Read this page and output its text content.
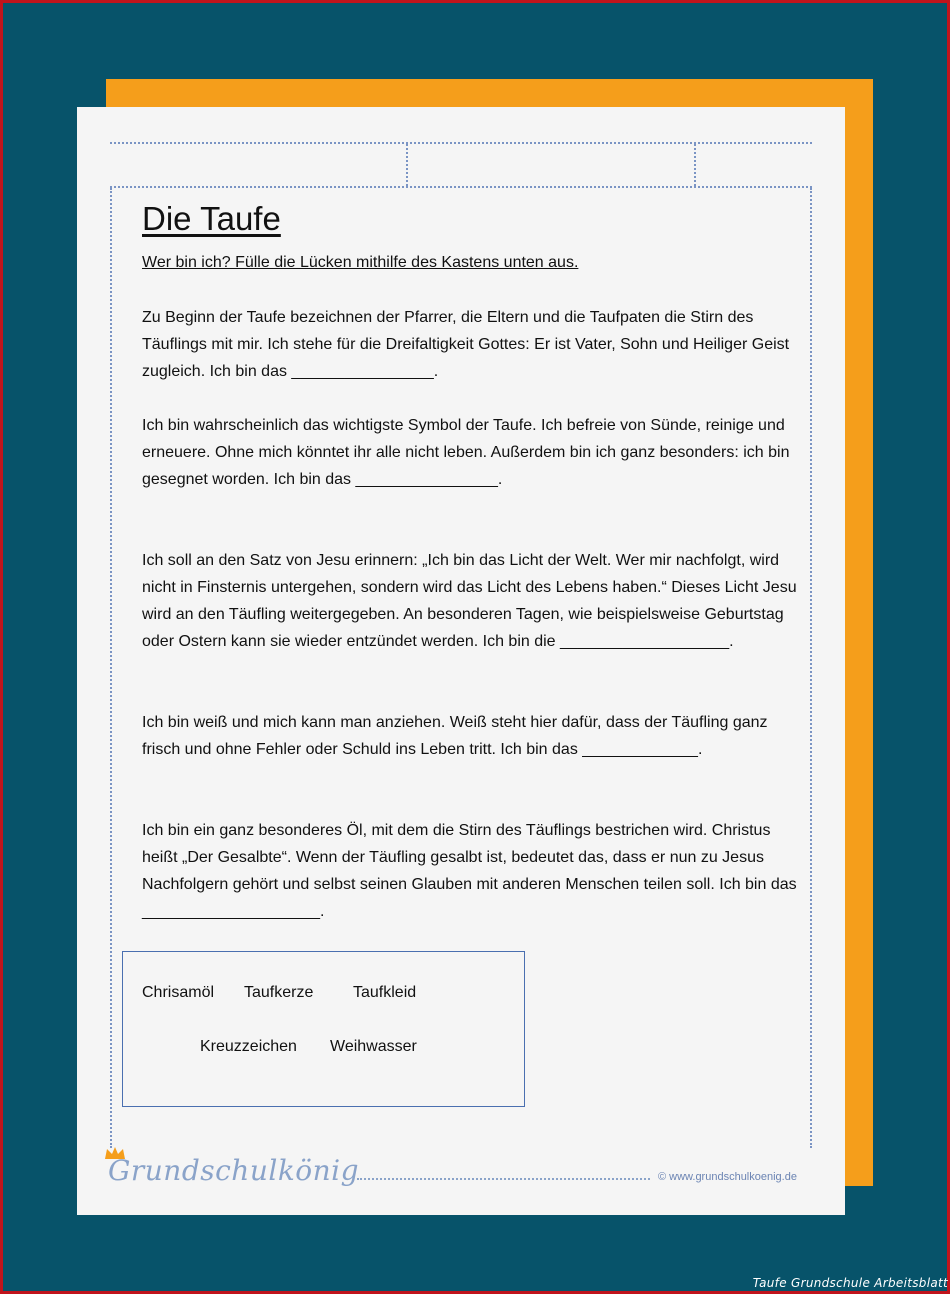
Die Taufe
Wer bin ich? Fülle die Lücken mithilfe des Kastens unten aus.

Zu Beginn der Taufe bezeichnen der Pfarrer, die Eltern und die Taufpaten die Stirn des Täuflings mit mir. Ich stehe für die Dreifaltigkeit Gottes: Er ist Vater, Sohn und Heiliger Geist zugleich. Ich bin das ________________.

Ich bin wahrscheinlich das wichtigste Symbol der Taufe. Ich befreie von Sünde, reinige und erneuere. Ohne mich könntet ihr alle nicht leben. Außerdem bin ich ganz besonders: ich bin gesegnet worden. Ich bin das ________________.

Ich soll an den Satz von Jesu erinnern: „Ich bin das Licht der Welt. Wer mir nachfolgt, wird nicht in Finsternis untergehen, sondern wird das Licht des Lebens haben.“ Dieses Licht Jesu wird an den Täufling weitergegeben. An besonderen Tagen, wie beispielsweise Geburtstag oder Ostern kann sie wieder entzündet werden. Ich bin die ___________________.

Ich bin weiß und mich kann man anziehen. Weiß steht hier dafür, dass der Täufling ganz frisch und ohne Fehler oder Schuld ins Leben tritt. Ich bin das _____________.

Ich bin ein ganz besonderes Öl, mit dem die Stirn des Täuflings bestrichen wird. Christus heißt „Der Gesalbte“. Wenn der Täufling gesalbt ist, bedeutet das, dass er nun zu Jesus Nachfolgern gehört und selbst seinen Glauben mit anderen Menschen teilen soll. Ich bin das ____________________.

Chrisamöl Taufkerze Taufkleid
Kreuzzeichen Weihwasser
Grundschulkönig	© www.grundschulkoenig.de
Taufe Grundschule Arbeitsblatt
